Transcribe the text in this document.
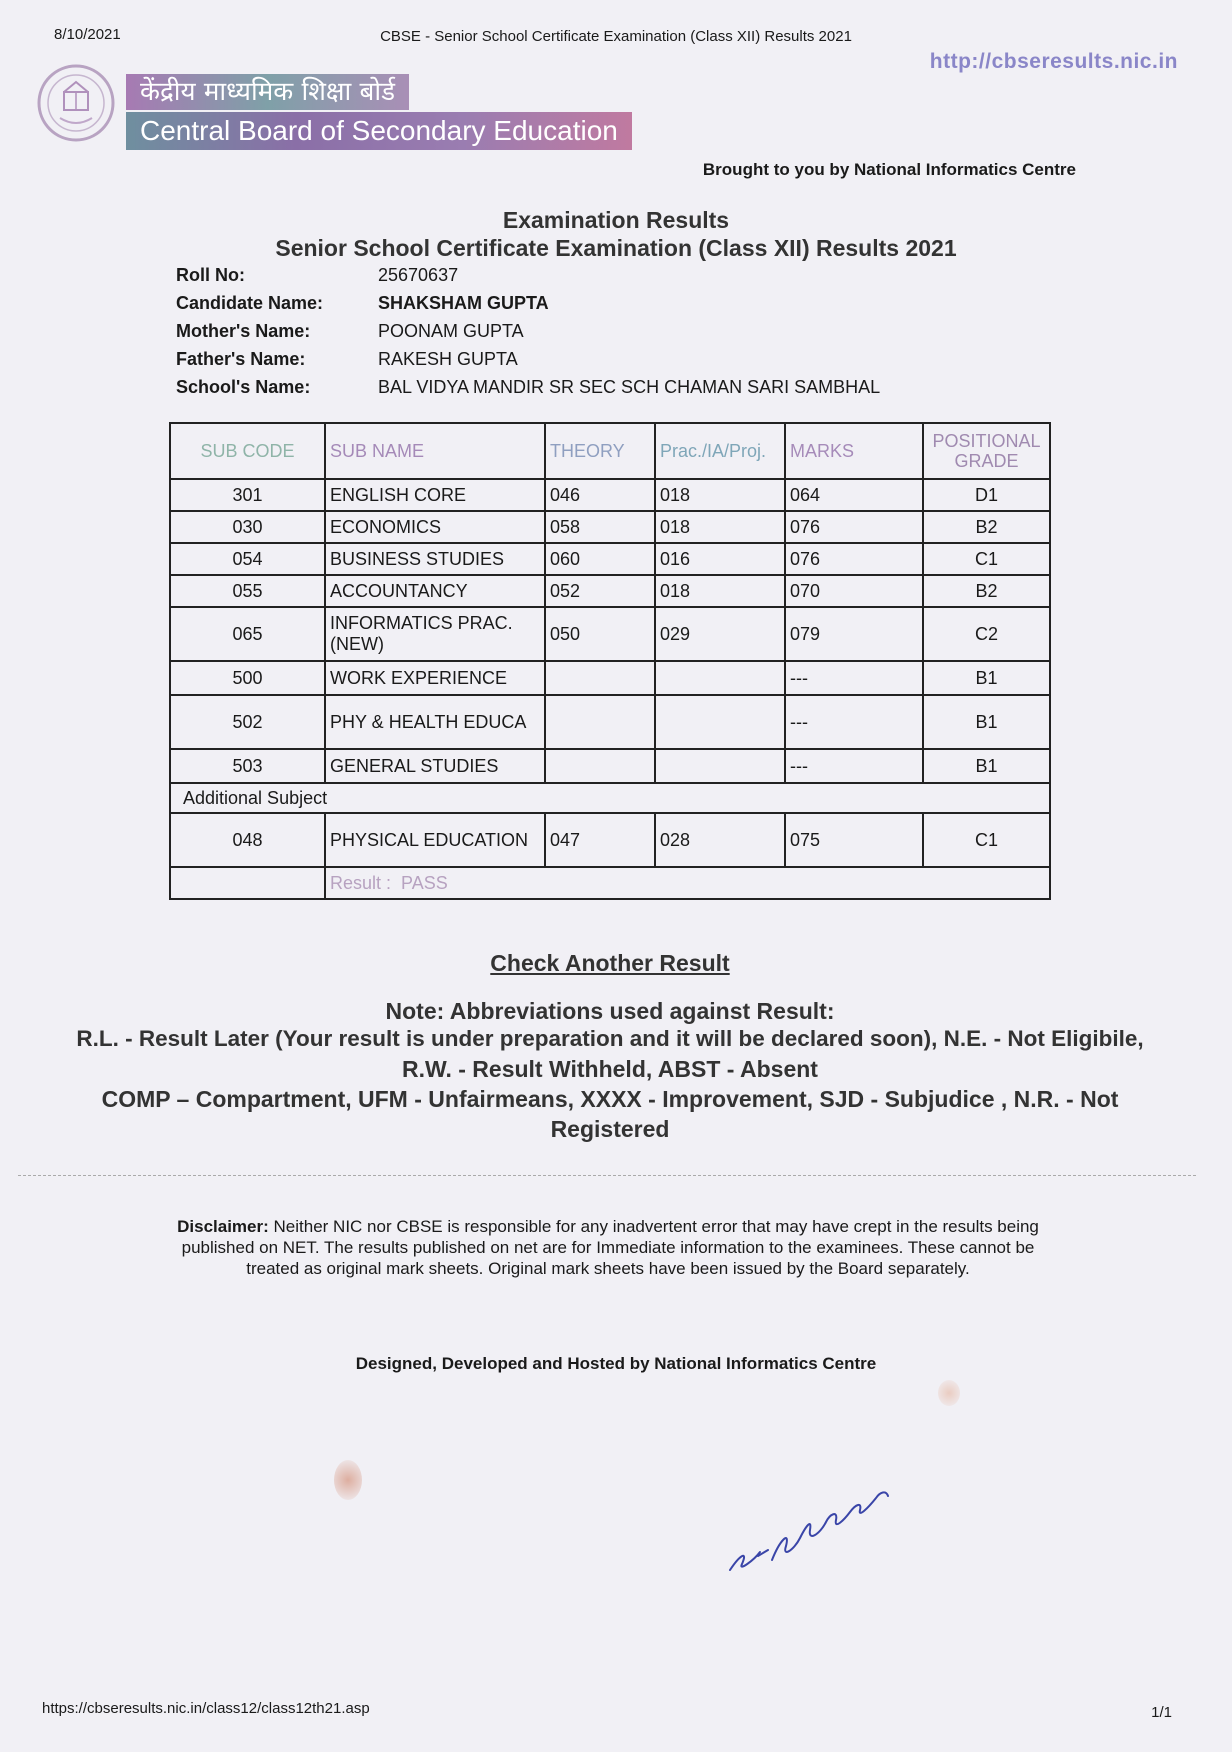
8/10/2021	CBSE - Senior School Certificate Examination (Class XII) Results 2021
http://cbseresults.nic.in
केंद्रीय माध्यमिक शिक्षा बोर्ड
Central Board of Secondary Education
Brought to you by National Informatics Centre
Examination Results
Senior School Certificate Examination (Class XII) Results 2021
Roll No:	25670637
Candidate Name:	SHAKSHAM GUPTA
Mother's Name:	POONAM GUPTA
Father's Name:	RAKESH GUPTA
School's Name:	BAL VIDYA MANDIR SR SEC SCH CHAMAN SARI SAMBHAL
SUB CODE	SUB NAME	THEORY	Prac./IA/Proj.	MARKS	POSITIONAL
GRADE
301	ENGLISH CORE	046	018	064	D1
030	ECONOMICS	058	018	076	B2
054	BUSINESS STUDIES	060	016	076	C1
055	ACCOUNTANCY	052	018	070	B2
065	INFORMATICS PRAC. (NEW)	050	029	079	C2
500	WORK EXPERIENCE			---	B1
502	PHY & HEALTH EDUCA			---	B1
503	GENERAL STUDIES			---	B1
Additional Subject					
048	PHYSICAL EDUCATION	047	028	075	C1
	Result : PASS				
Check Another Result
Note: Abbreviations used against Result:
R.L. - Result Later (Your result is under preparation and it will be declared soon), N.E. - Not Eligibile,
R.W. - Result Withheld, ABST - Absent
COMP – Compartment, UFM - Unfairmeans, XXXX - Improvement, SJD - Subjudice , N.R. - Not
Registered
Disclaimer: Neither NIC nor CBSE is responsible for any inadvertent error that may have crept in the results being published on NET. The results published on net are for Immediate information to the examinees. These cannot be treated as original mark sheets. Original mark sheets have been issued by the Board separately.
Designed, Developed and Hosted by National Informatics Centre
https://cbseresults.nic.in/class12/class12th21.asp	1/1
